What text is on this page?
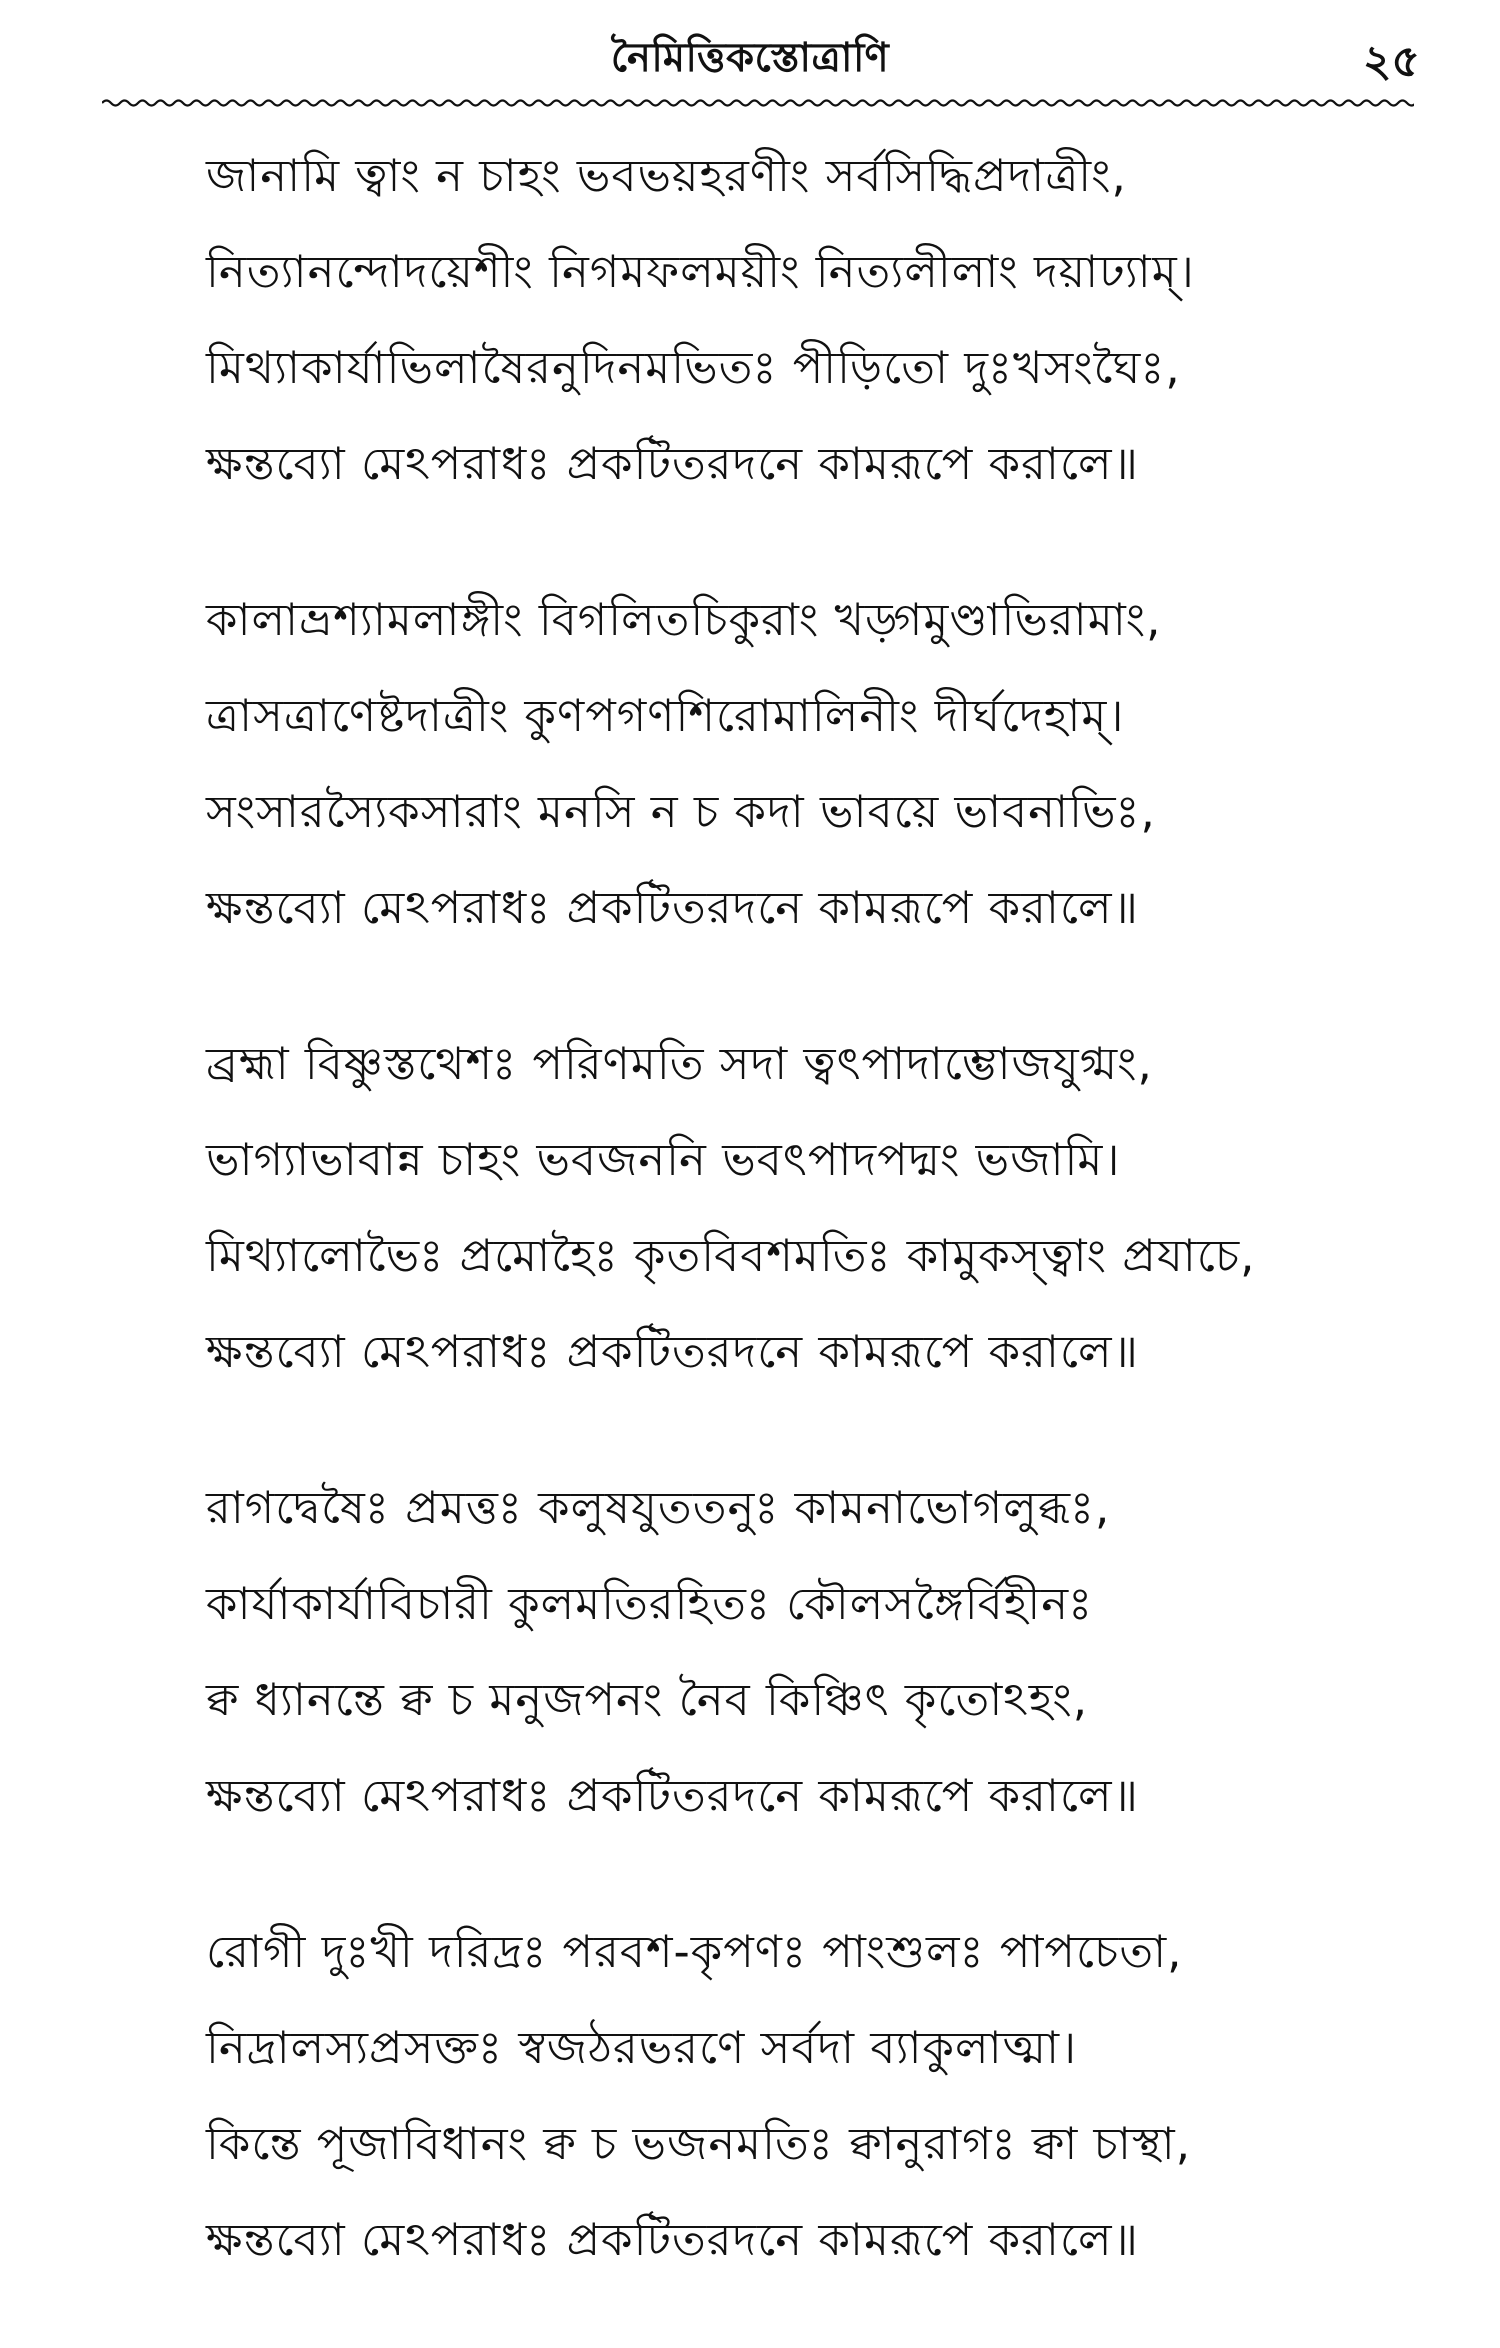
নৈমিত্তিকস্তোত্রাণি	২৫
জানামি ত্বাং ন চাহং ভবভয়হরণীং সর্বসিদ্ধিপ্রদাত্রীং,
নিত্যানন্দোদয়েশীং নিগমফলময়ীং নিত্যলীলাং দয়াঢ্যাম্।
মিথ্যাকার্যাভিলাষৈরনুদিনমভিতঃ পীড়িতো দুঃখসংঘৈঃ,
ক্ষন্তব্যো মেঽপরাধঃ প্রকটিতরদনে কামরূপে করালে॥
কালাভ্রশ্যামলাঙ্গীং বিগলিতচিকুরাং খড়্গমুণ্ডাভিরামাং,
ত্রাসত্রাণেষ্টদাত্রীং কুণপগণশিরোমালিনীং দীর্ঘদেহাম্।
সংসারস্যৈকসারাং মনসি ন চ কদা ভাবয়ে ভাবনাভিঃ,
ক্ষন্তব্যো মেঽপরাধঃ প্রকটিতরদনে কামরূপে করালে॥
ব্রহ্মা বিষ্ণুস্তথেশঃ পরিণমতি সদা ত্বৎপাদাম্ভোজযুগ্মং,
ভাগ্যাভাবান্ন চাহং ভবজননি ভবৎপাদপদ্মং ভজামি।
মিথ্যালোভৈঃ প্রমোহৈঃ কৃতবিবশমতিঃ কামুকস্ত্বাং প্রযাচে,
ক্ষন্তব্যো মেঽপরাধঃ প্রকটিতরদনে কামরূপে করালে॥
রাগদ্বেষৈঃ প্রমত্তঃ কলুষযুততনুঃ কামনাভোগলুব্ধঃ,
কার্যাকার্যাবিচারী কুলমতিরহিতঃ কৌলসঙ্গৈর্বিহীনঃ
ক্ব ধ্যানন্তে ক্ব চ মনুজপনং নৈব কিঞ্চিৎ কৃতোঽহং,
ক্ষন্তব্যো মেঽপরাধঃ প্রকটিতরদনে কামরূপে করালে॥
রোগী দুঃখী দরিদ্রঃ পরবশ-কৃপণঃ পাংশুলঃ পাপচেতা,
নিদ্রালস্যপ্রসক্তঃ স্বজঠরভরণে সর্বদা ব্যাকুলাত্মা।
কিন্তে পূজাবিধানং ক্ব চ ভজনমতিঃ ক্বানুরাগঃ ক্বা চাস্থা,
ক্ষন্তব্যো মেঽপরাধঃ প্রকটিতরদনে কামরূপে করালে॥
